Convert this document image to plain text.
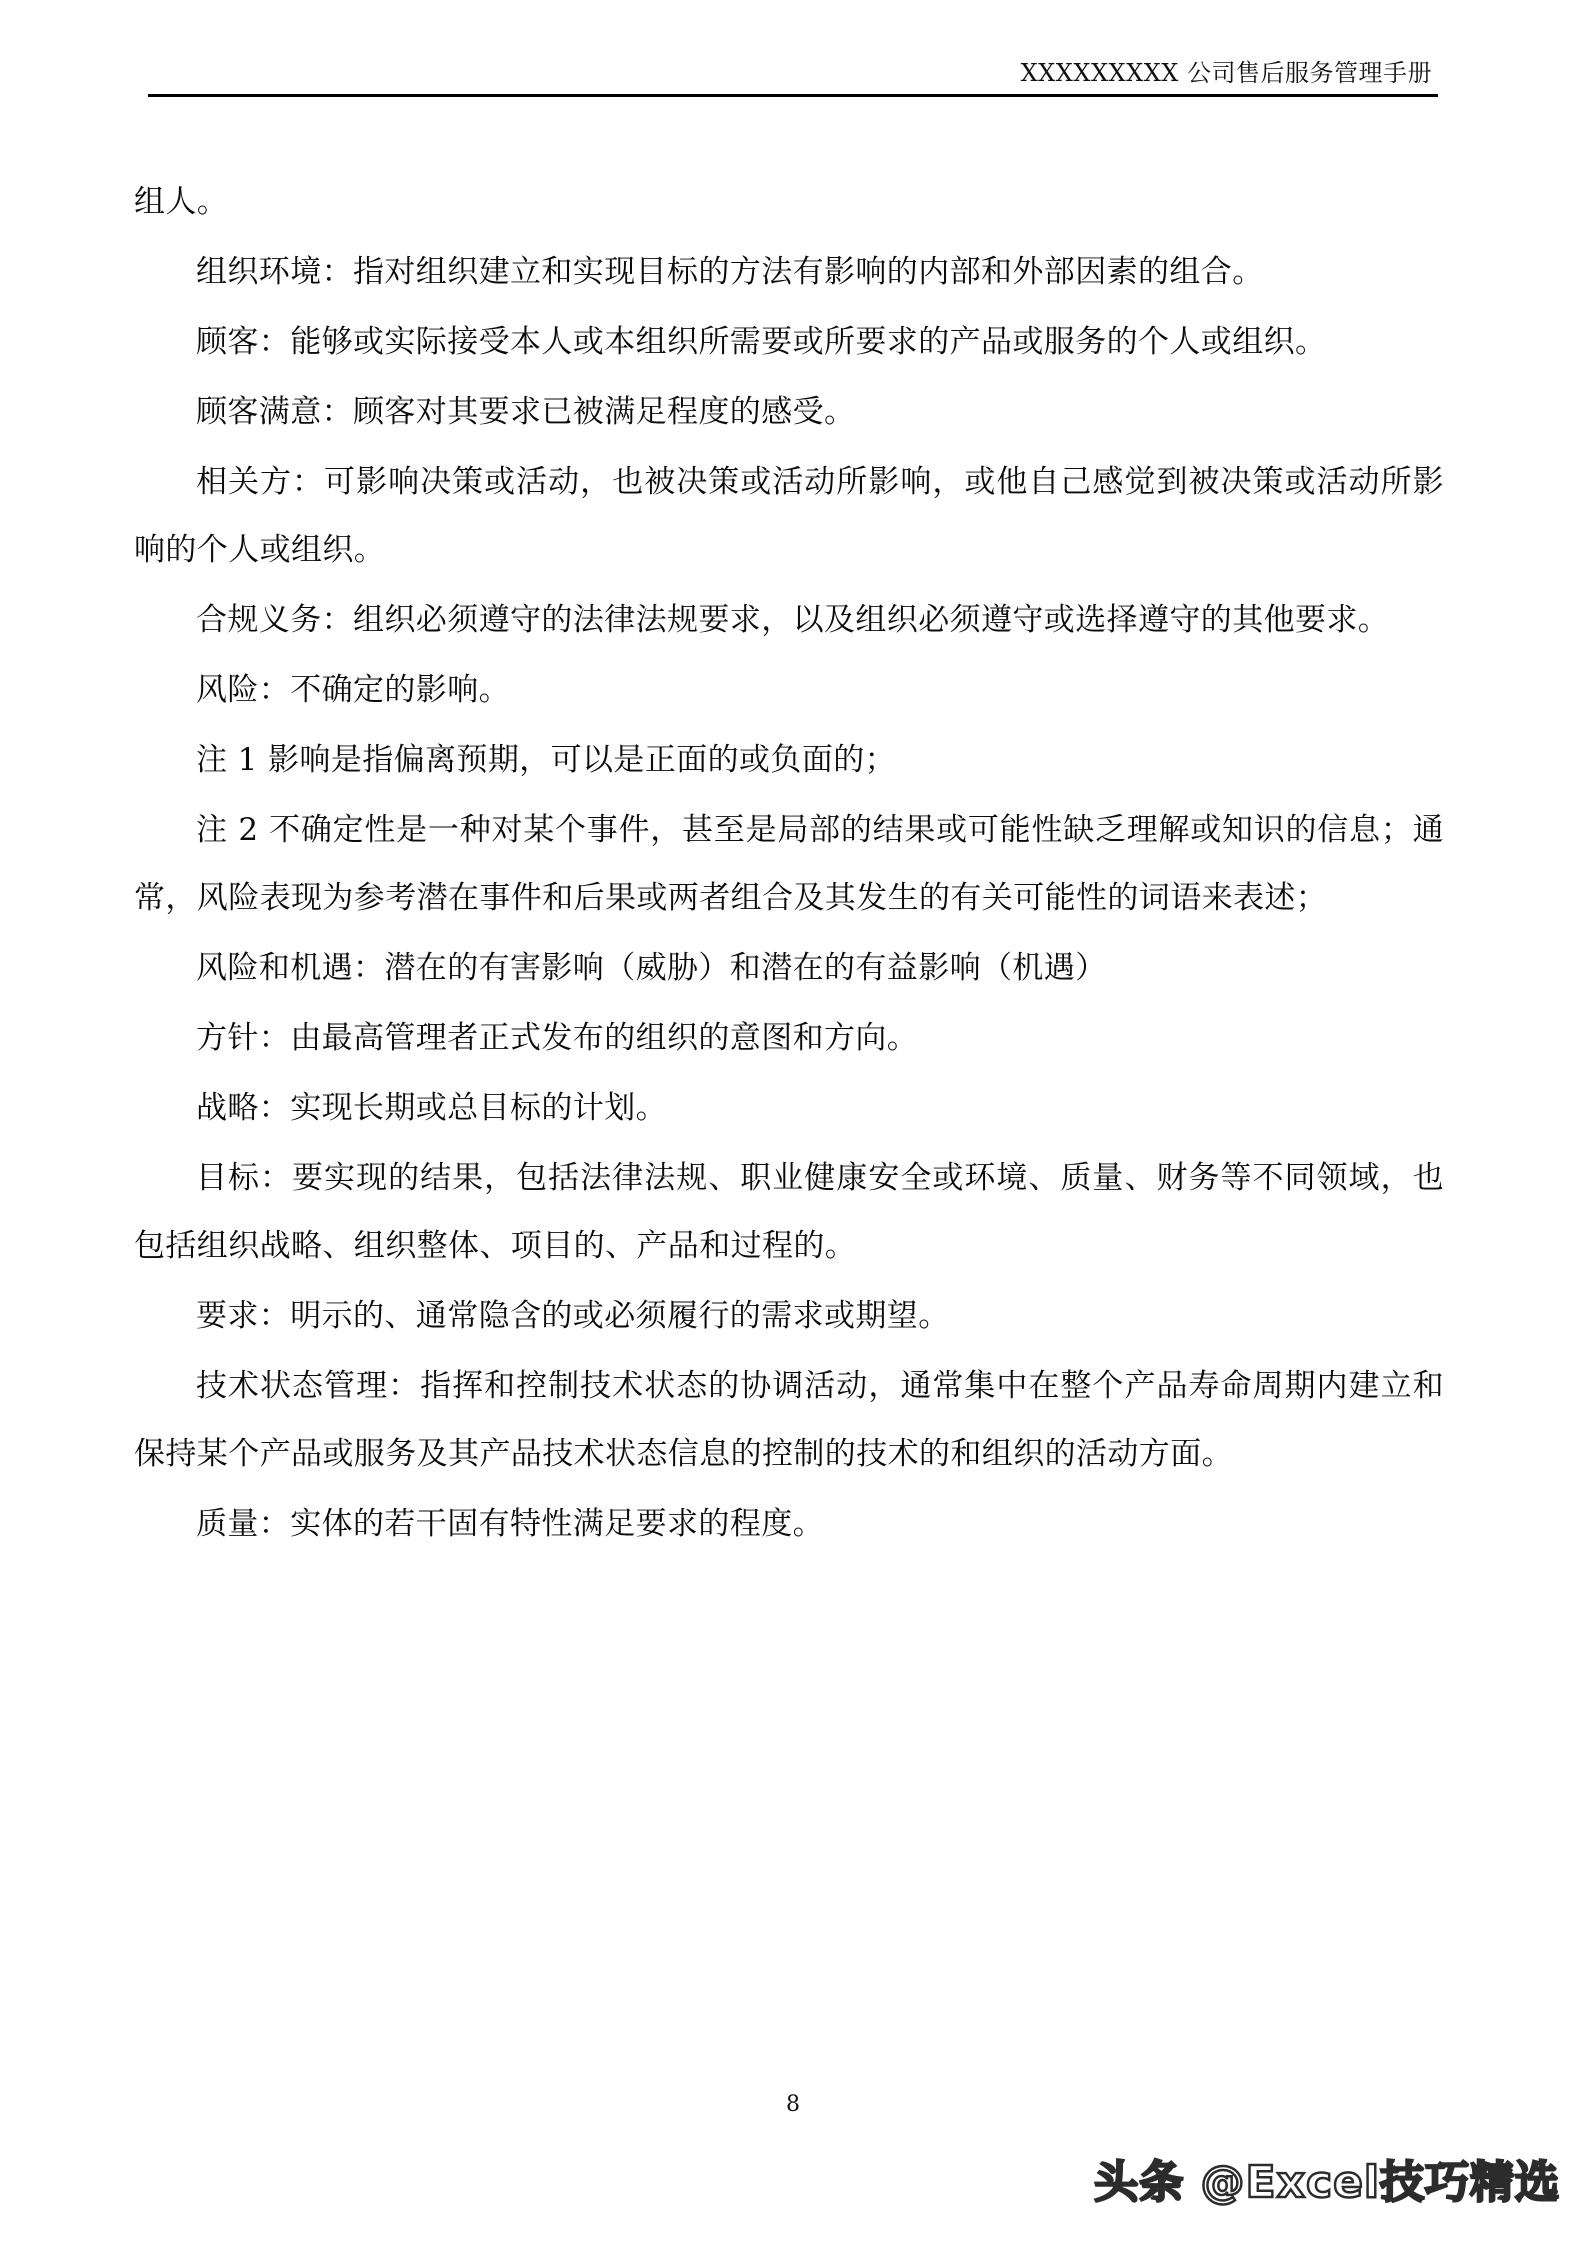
XXXXXXXXX 公司售后服务管理手册

组人。

组织环境：指对组织建立和实现目标的方法有影响的内部和外部因素的组合。

顾客：能够或实际接受本人或本组织所需要或所要求的产品或服务的个人或组织。

顾客满意：顾客对其要求已被满足程度的感受。

相关方：可影响决策或活动，也被决策或活动所影响，或他自己感觉到被决策或活动所影响的个人或组织。

合规义务：组织必须遵守的法律法规要求，以及组织必须遵守或选择遵守的其他要求。

风险：不确定的影响。

注 1 影响是指偏离预期，可以是正面的或负面的；

注 2 不确定性是一种对某个事件，甚至是局部的结果或可能性缺乏理解或知识的信息；通常，风险表现为参考潜在事件和后果或两者组合及其发生的有关可能性的词语来表述；

风险和机遇：潜在的有害影响（威胁）和潜在的有益影响（机遇）

方针：由最高管理者正式发布的组织的意图和方向。

战略：实现长期或总目标的计划。

目标：要实现的结果，包括法律法规、职业健康安全或环境、质量、财务等不同领域，也包括组织战略、组织整体、项目的、产品和过程的。

要求：明示的、通常隐含的或必须履行的需求或期望。

技术状态管理：指挥和控制技术状态的协调活动，通常集中在整个产品寿命周期内建立和保持某个产品或服务及其产品技术状态信息的控制的技术的和组织的活动方面。

质量：实体的若干固有特性满足要求的程度。

8
头条 @Excel技巧精选
